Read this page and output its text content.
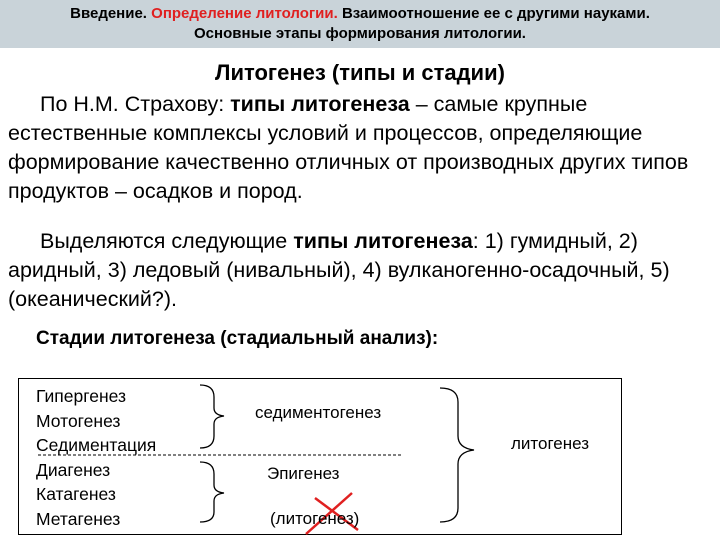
Введение. Определение литологии. Взаимоотношение ее с другими науками.
Основные этапы формирования литологии.
Литогенез (типы и стадии)
По Н.М. Страхову: типы литогенеза – самые крупные естественные комплексы условий и процессов, определяющие формирование качественно отличных от производных других типов продуктов – осадков и пород.
Выделяются следующие типы литогенеза: 1) гумидный, 2) аридный, 3) ледовый (нивальный), 4) вулканогенно-осадочный, 5) (океанический?).
Стадии литогенеза (стадиальный анализ):
Гипергенез
Мотогенез
Седиментация
Диагенез
Катагенез
Метагенез
седиментогенез
Эпигенез
(литогенез)
литогенез
